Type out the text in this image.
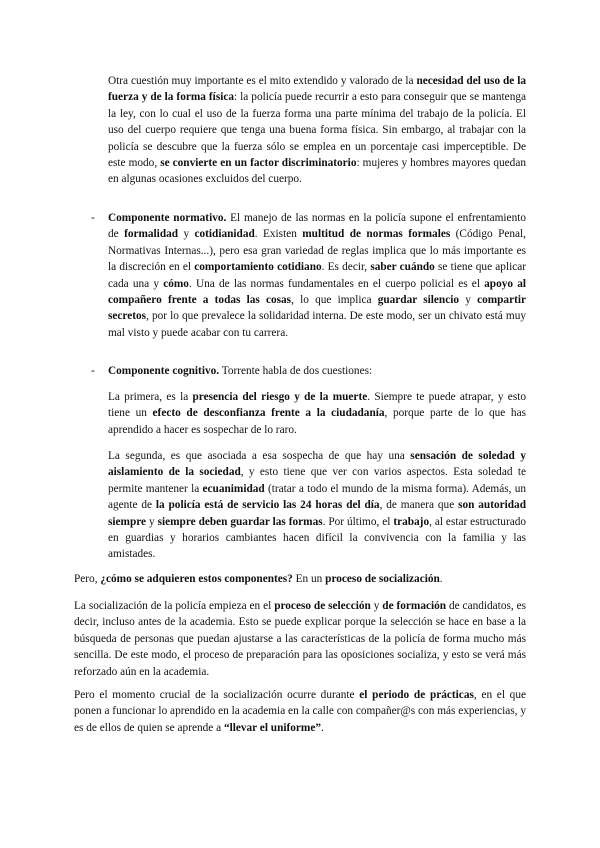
Otra cuestión muy importante es el mito extendido y valorado de la necesidad del uso de la fuerza y de la forma física: la policía puede recurrir a esto para conseguir que se mantenga la ley, con lo cual el uso de la fuerza forma una parte mínima del trabajo de la policía. El uso del cuerpo requiere que tenga una buena forma física. Sin embargo, al trabajar con la policía se descubre que la fuerza sólo se emplea en un porcentaje casi imperceptible. De este modo, se convierte en un factor discriminatorio: mujeres y hombres mayores quedan en algunas ocasiones excluidos del cuerpo.

- Componente normativo. El manejo de las normas en la policía supone el enfrentamiento de formalidad y cotidianidad. Existen multitud de normas formales (Código Penal, Normativas Internas...), pero esa gran variedad de reglas implica que lo más importante es la discreción en el comportamiento cotidiano. Es decir, saber cuándo se tiene que aplicar cada una y cómo. Una de las normas fundamentales en el cuerpo policial es el apoyo al compañero frente a todas las cosas, lo que implica guardar silencio y compartir secretos, por lo que prevalece la solidaridad interna. De este modo, ser un chivato está muy mal visto y puede acabar con tu carrera.

- Componente cognitivo. Torrente habla de dos cuestiones:

La primera, es la presencia del riesgo y de la muerte. Siempre te puede atrapar, y esto tiene un efecto de desconfianza frente a la ciudadanía, porque parte de lo que has aprendido a hacer es sospechar de lo raro.

La segunda, es que asociada a esa sospecha de que hay una sensación de soledad y aislamiento de la sociedad, y esto tiene que ver con varios aspectos. Esta soledad te permite mantener la ecuanimidad (tratar a todo el mundo de la misma forma). Además, un agente de la policía está de servicio las 24 horas del día, de manera que son autoridad siempre y siempre deben guardar las formas. Por último, el trabajo, al estar estructurado en guardias y horarios cambiantes hacen difícil la convivencia con la familia y las amistades.

Pero, ¿cómo se adquieren estos componentes? En un proceso de socialización.

La socialización de la policía empieza en el proceso de selección y de formación de candidatos, es decir, incluso antes de la academia. Esto se puede explicar porque la selección se hace en base a la búsqueda de personas que puedan ajustarse a las características de la policía de forma mucho más sencilla. De este modo, el proceso de preparación para las oposiciones socializa, y esto se verá más reforzado aún en la academia.

Pero el momento crucial de la socialización ocurre durante el periodo de prácticas, en el que ponen a funcionar lo aprendido en la academia en la calle con compañer@s con más experiencias, y es de ellos de quien se aprende a “llevar el uniforme”.
